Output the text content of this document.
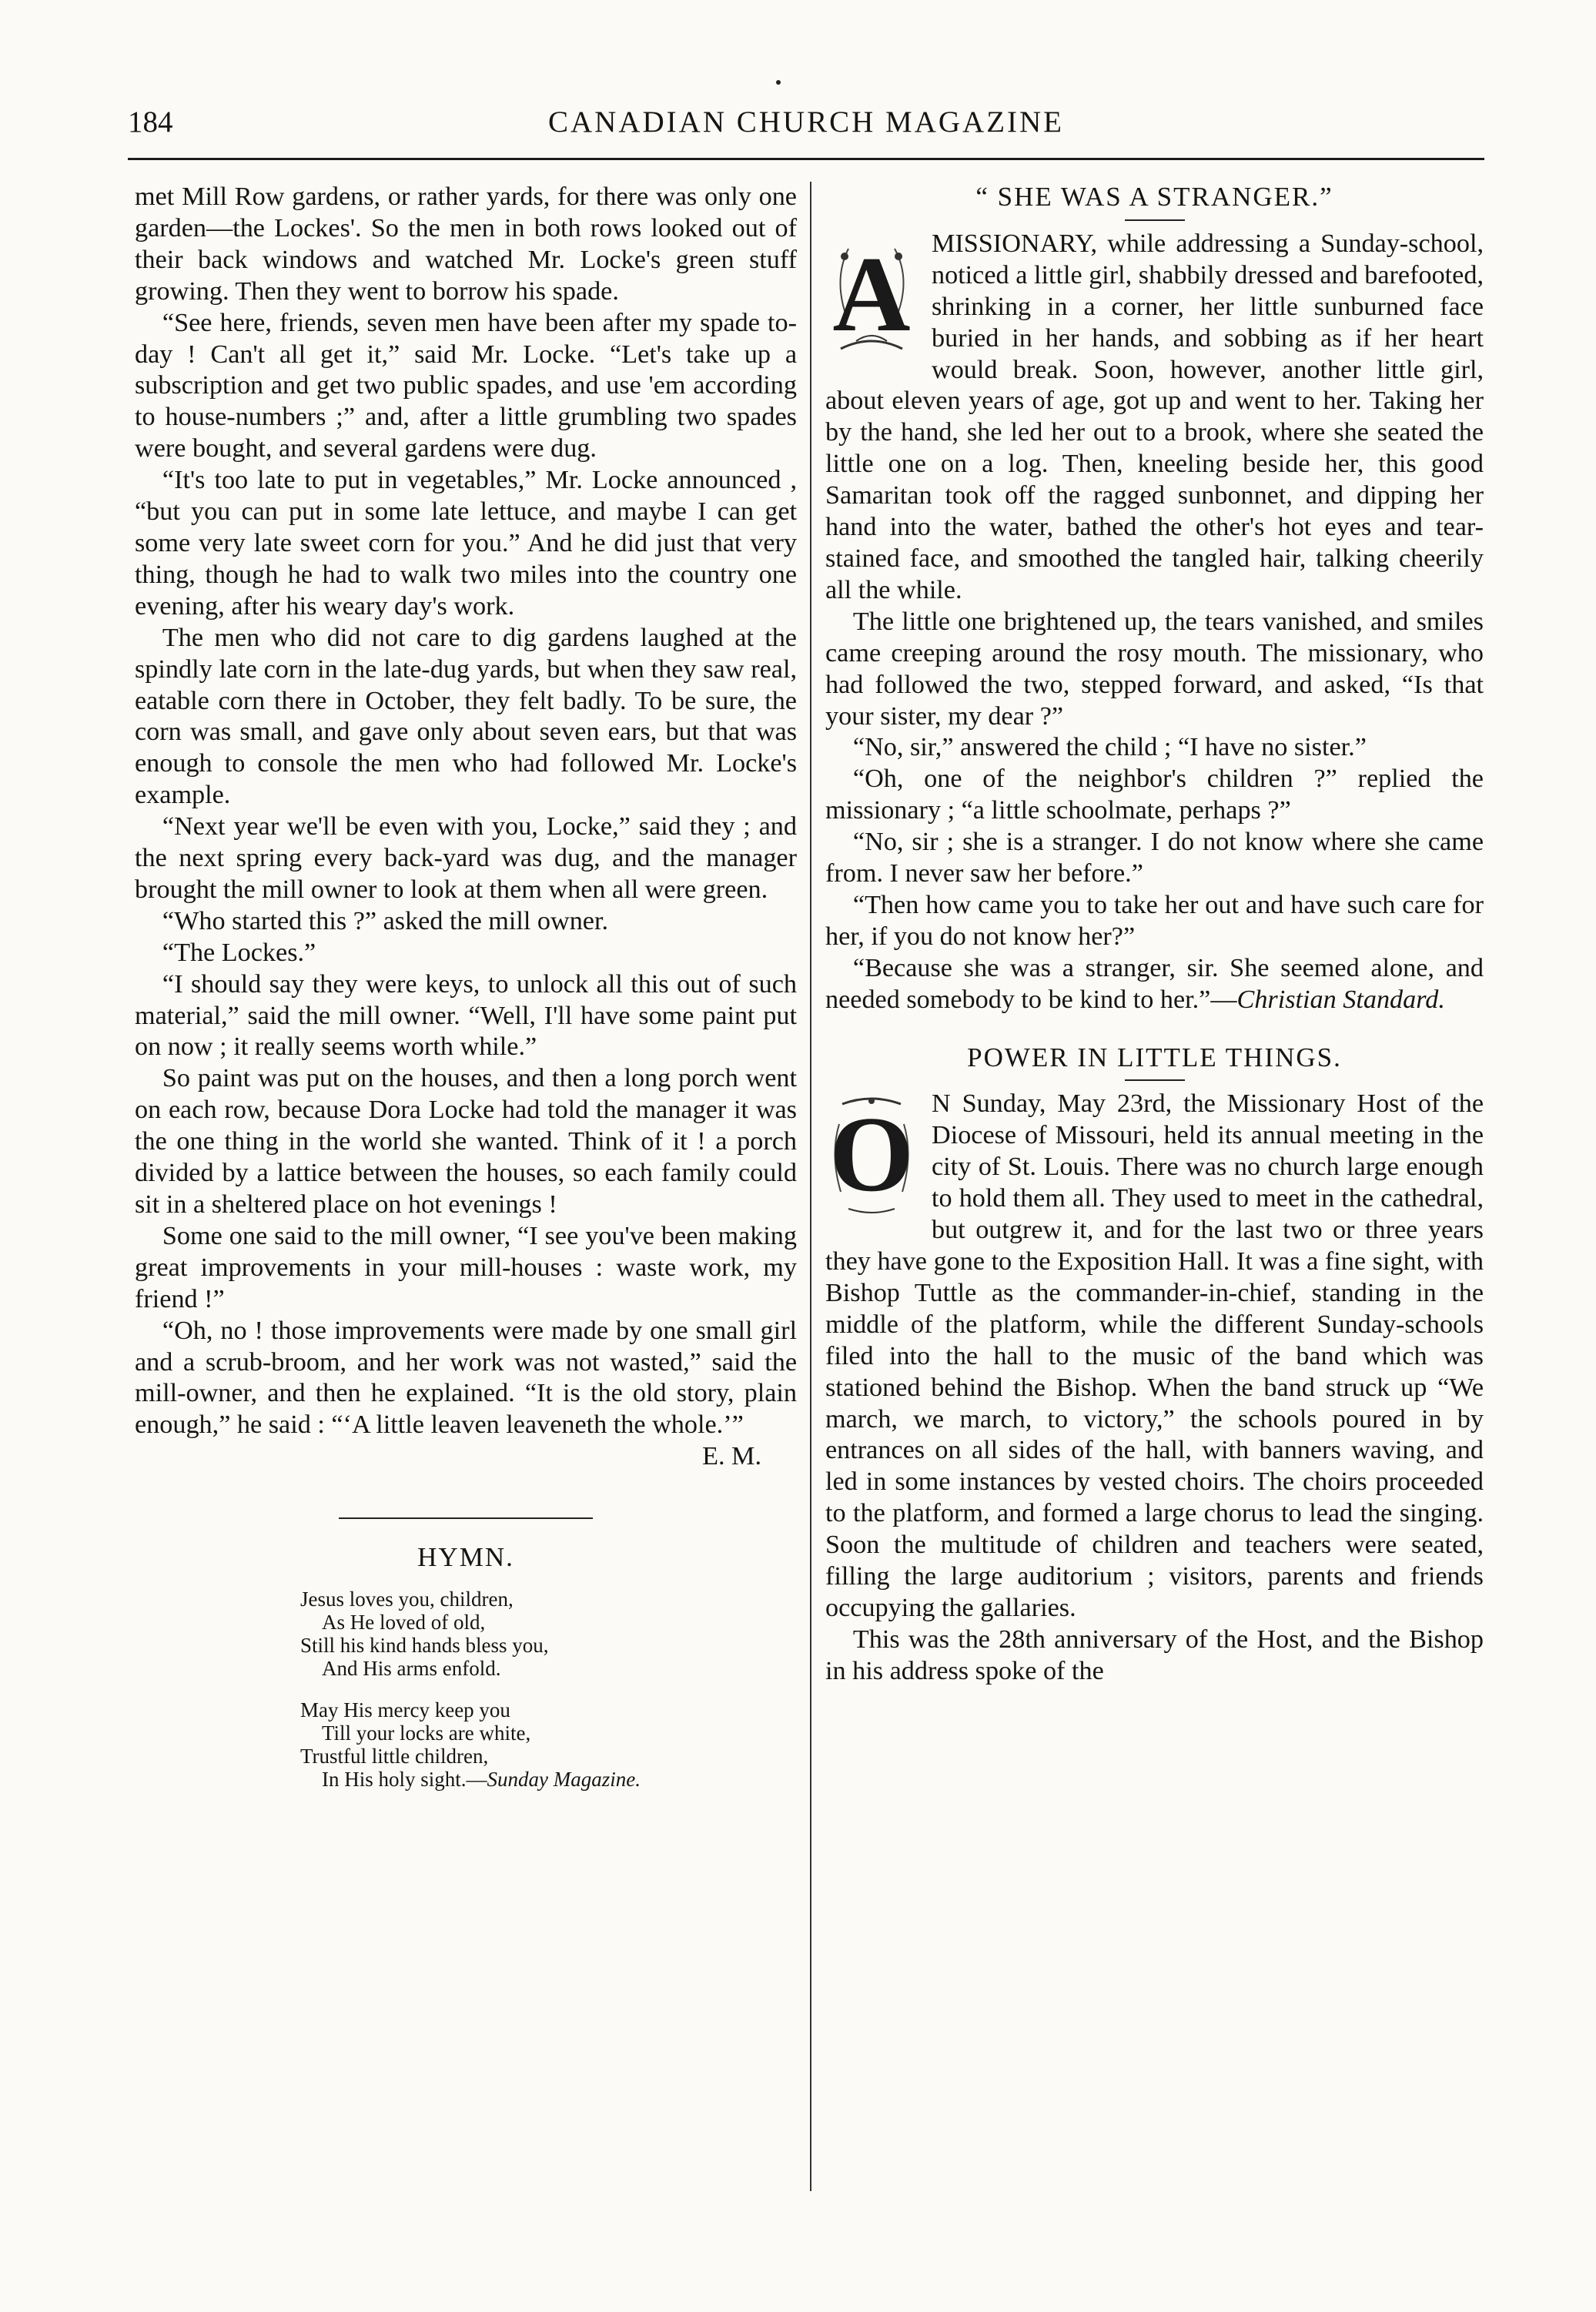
184	CANADIAN CHURCH MAGAZINE

met Mill Row gardens, or rather yards, for there was only one garden—the Lockes'. So the men in both rows looked out of their back windows and watched Mr. Locke's green stuff growing. Then they went to borrow his spade.

“See here, friends, seven men have been after my spade to-day ! Can't all get it,” said Mr. Locke. “Let's take up a subscription and get two public spades, and use 'em according to house-numbers ;” and, after a little grumbling two spades were bought, and several gardens were dug.

“It's too late to put in vegetables,” Mr. Locke announced , “but you can put in some late lettuce, and maybe I can get some very late sweet corn for you.” And he did just that very thing, though he had to walk two miles into the country one evening, after his weary day's work.

The men who did not care to dig gardens laughed at the spindly late corn in the late-dug yards, but when they saw real, eatable corn there in October, they felt badly. To be sure, the corn was small, and gave only about seven ears, but that was enough to console the men who had followed Mr. Locke's example.

“Next year we'll be even with you, Locke,” said they ; and the next spring every back-yard was dug, and the manager brought the mill owner to look at them when all were green.

“Who started this ?” asked the mill owner.

“The Lockes.”

“I should say they were keys, to unlock all this out of such material,” said the mill owner. “Well, I'll have some paint put on now ; it really seems worth while.”

So paint was put on the houses, and then a long porch went on each row, because Dora Locke had told the manager it was the one thing in the world she wanted. Think of it ! a porch divided by a lattice between the houses, so each family could sit in a sheltered place on hot evenings !

Some one said to the mill owner, “I see you've been making great improvements in your mill-houses : waste work, my friend !”

“Oh, no ! those improvements were made by one small girl and a scrub-broom, and her work was not wasted,” said the mill-owner, and then he explained. “It is the old story, plain enough,” he said : “‘A little leaven leaveneth the whole.’”

E. M.
HYMN.
Jesus loves you, children,
As He loved of old,
Still his kind hands bless you,
And His arms enfold.
May His mercy keep you
Till your locks are white,
Trustful little children,
In His holy sight.—Sunday Magazine.
“ SHE WAS A STRANGER.”

A MISSIONARY, while addressing a Sunday-school, noticed a little girl, shabbily dressed and barefooted, shrinking in a corner, her little sunburned face buried in her hands, and sobbing as if her heart would break. Soon, however, another little girl, about eleven years of age, got up and went to her. Taking her by the hand, she led her out to a brook, where she seated the little one on a log. Then, kneeling beside her, this good Samaritan took off the ragged sunbonnet, and dipping her hand into the water, bathed the other's hot eyes and tear-stained face, and smoothed the tangled hair, talking cheerily all the while.

The little one brightened up, the tears vanished, and smiles came creeping around the rosy mouth. The missionary, who had followed the two, stepped forward, and asked, “Is that your sister, my dear ?”

“No, sir,” answered the child ; “I have no sister.”

“Oh, one of the neighbor's children ?” replied the missionary ; “a little schoolmate, perhaps ?”

“No, sir ; she is a stranger. I do not know where she came from. I never saw her before.”

“Then how came you to take her out and have such care for her, if you do not know her?”

“Because she was a stranger, sir. She seemed alone, and needed somebody to be kind to her.”—Christian Standard.

POWER IN LITTLE THINGS.

O N Sunday, May 23rd, the Missionary Host of the Diocese of Missouri, held its annual meeting in the city of St. Louis. There was no church large enough to hold them all. They used to meet in the cathedral, but outgrew it, and for the last two or three years they have gone to the Exposition Hall. It was a fine sight, with Bishop Tuttle as the commander-in-chief, standing in the middle of the platform, while the different Sunday-schools filed into the hall to the music of the band which was stationed behind the Bishop. When the band struck up “We march, we march, to victory,” the schools poured in by entrances on all sides of the hall, with banners waving, and led in some instances by vested choirs. The choirs proceeded to the platform, and formed a large chorus to lead the singing. Soon the multitude of children and teachers were seated, filling the large auditorium ; visitors, parents and friends occupying the gallaries.

This was the 28th anniversary of the Host, and the Bishop in his address spoke of the
